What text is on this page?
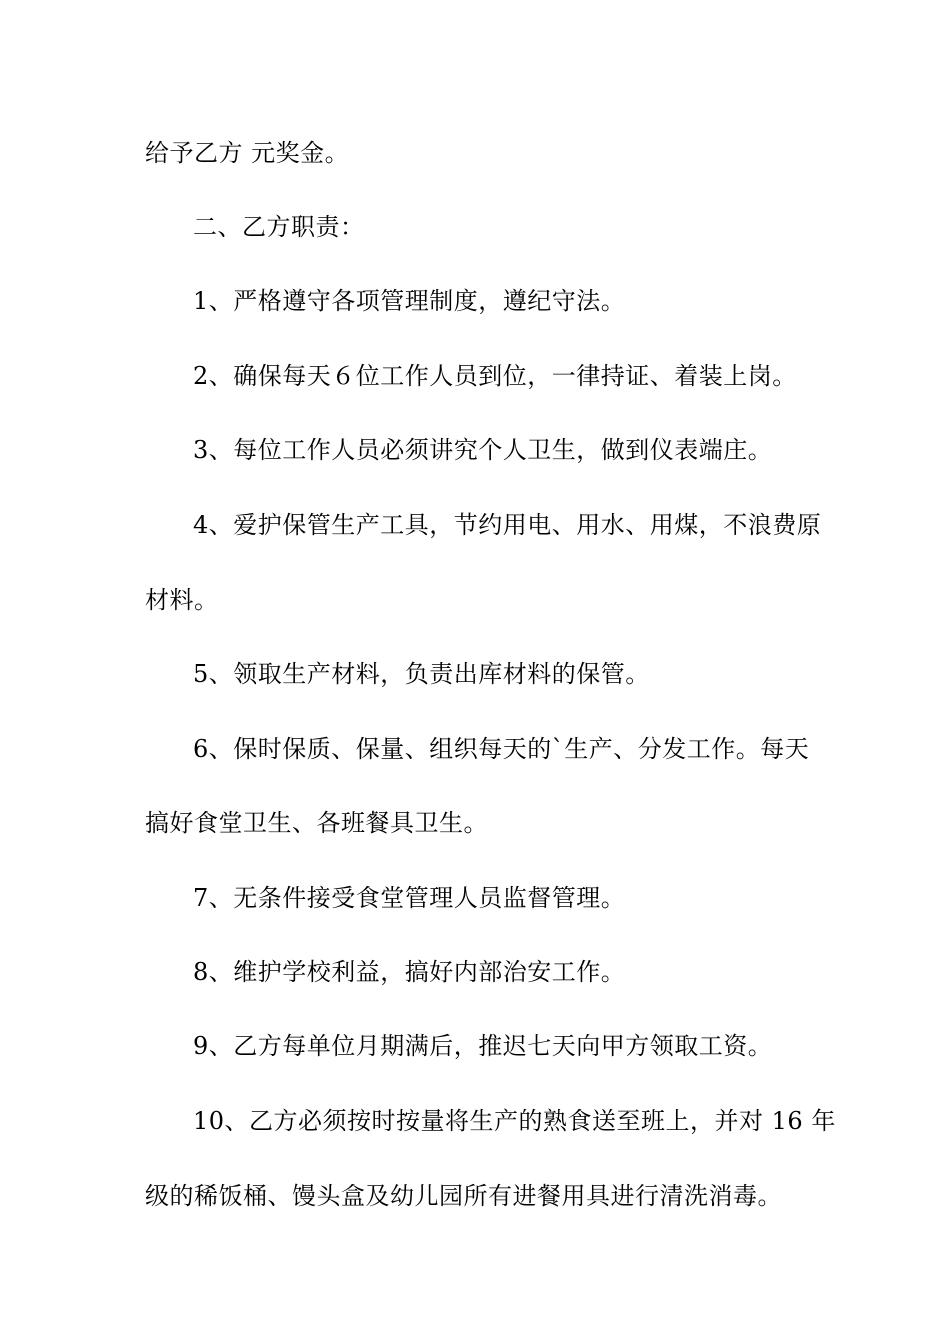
给予乙方 元奖金。
二、乙方职责：
1、严格遵守各项管理制度，遵纪守法。
2、确保每天６位工作人员到位，一律持证、着装上岗。
3、每位工作人员必须讲究个人卫生，做到仪表端庄。
4、爱护保管生产工具，节约用电、用水、用煤，不浪费原
材料。
5、领取生产材料，负责出库材料的保管。
6、保时保质、保量、组织每天的`生产、分发工作。每天
搞好食堂卫生、各班餐具卫生。
7、无条件接受食堂管理人员监督管理。
8、维护学校利益，搞好内部治安工作。
9、乙方每单位月期满后，推迟七天向甲方领取工资。
10、乙方必须按时按量将生产的熟食送至班上，并对 16 年
级的稀饭桶、馒头盒及幼儿园所有进餐用具进行清洗消毒。
